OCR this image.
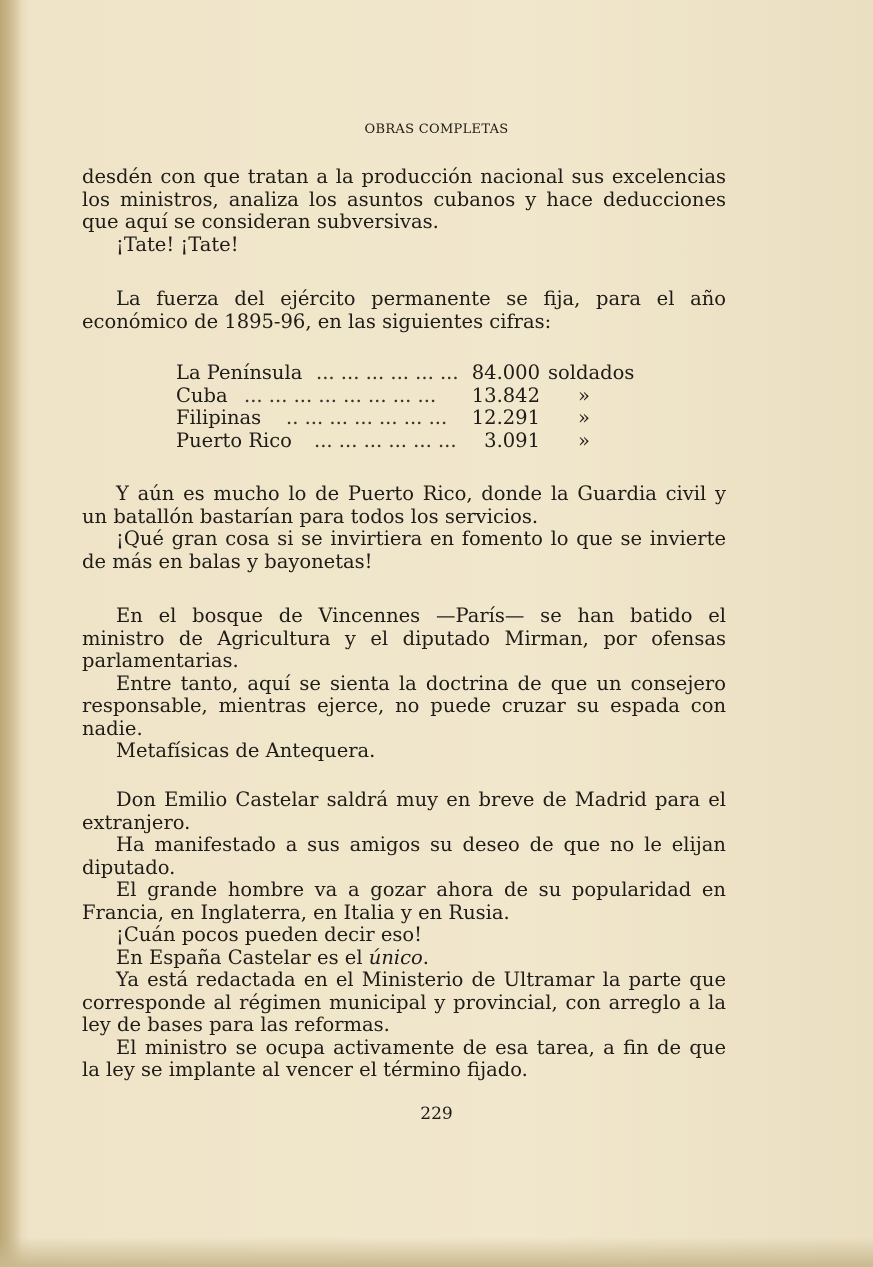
OBRAS COMPLETAS

desdén con que tratan a la producción nacional sus excelencias los ministros, analiza los asuntos cubanos y hace deducciones que aquí se consideran subversivas.

¡Tate! ¡Tate!

La fuerza del ejército permanente se fija, para el año económico de 1895-96, en las siguientes cifras:

La Península ... ... ... ... ... ... 84.000 soldados
Cuba ... ... ... ... ... ... ... ...	13.842 »
Filipinas .. ... ... ... ... ... ...	12.291 »
Puerto Rico ... ... ... ... ... ...	3.091 »

Y aún es mucho lo de Puerto Rico, donde la Guardia civil y un batallón bastarían para todos los servicios.

¡Qué gran cosa si se invirtiera en fomento lo que se invierte de más en balas y bayonetas!

En el bosque de Vincennes —París— se han batido el ministro de Agricultura y el diputado Mirman, por ofensas parlamentarias.

Entre tanto, aquí se sienta la doctrina de que un consejero responsable, mientras ejerce, no puede cruzar su espada con nadie.

Metafísicas de Antequera.

Don Emilio Castelar saldrá muy en breve de Madrid para el extranjero.

Ha manifestado a sus amigos su deseo de que no le elijan diputado.

El grande hombre va a gozar ahora de su popularidad en Francia, en Inglaterra, en Italia y en Rusia.

¡Cuán pocos pueden decir eso!

En España Castelar es el único.

Ya está redactada en el Ministerio de Ultramar la parte que corresponde al régimen municipal y provincial, con arreglo a la ley de bases para las reformas.

El ministro se ocupa activamente de esa tarea, a fin de que la ley se implante al vencer el término fijado.

229
